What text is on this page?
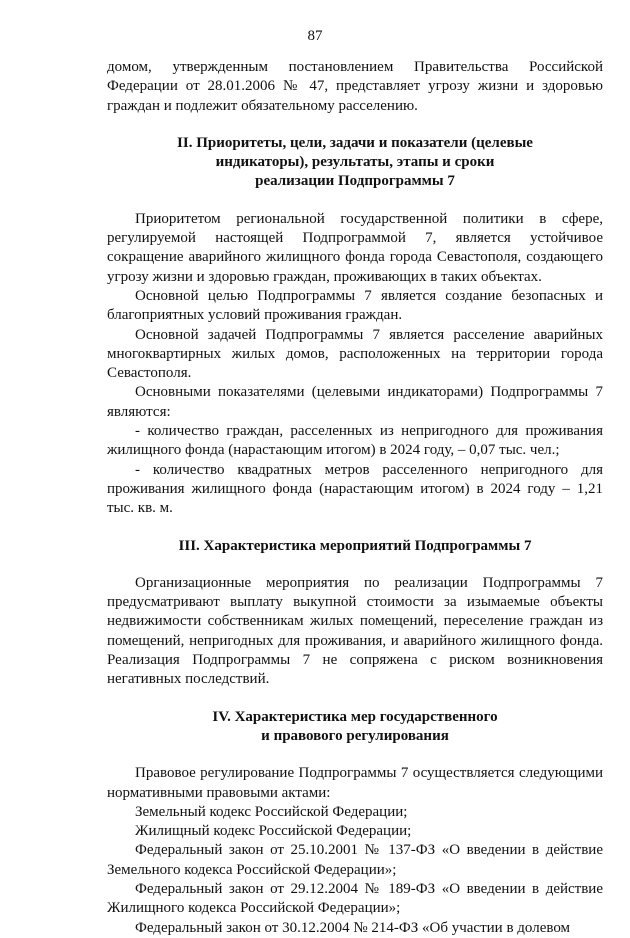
87

домом, утвержденным постановлением Правительства Российской Федерации от 28.01.2006 № 47, представляет угрозу жизни и здоровью граждан и подлежит обязательному расселению.

II. Приоритеты, цели, задачи и показатели (целевые
индикаторы), результаты, этапы и сроки
реализации Подпрограммы 7

Приоритетом региональной государственной политики в сфере, регулируемой настоящей Подпрограммой 7, является устойчивое сокращение аварийного жилищного фонда города Севастополя, создающего угрозу жизни и здоровью граждан, проживающих в таких объектах.

Основной целью Подпрограммы 7 является создание безопасных и благоприятных условий проживания граждан.

Основной задачей Подпрограммы 7 является расселение аварийных многоквартирных жилых домов, расположенных на территории города Севастополя.

Основными показателями (целевыми индикаторами) Подпрограммы 7 являются:

- количество граждан, расселенных из непригодного для проживания жилищного фонда (нарастающим итогом) в 2024 году, – 0,07 тыс. чел.;

- количество квадратных метров расселенного непригодного для проживания жилищного фонда (нарастающим итогом) в 2024 году – 1,21 тыс. кв. м.

III. Характеристика мероприятий Подпрограммы 7

Организационные мероприятия по реализации Подпрограммы 7 предусматривают выплату выкупной стоимости за изымаемые объекты недвижимости собственникам жилых помещений, переселение граждан из помещений, непригодных для проживания, и аварийного жилищного фонда. Реализация Подпрограммы 7 не сопряжена с риском возникновения негативных последствий.

IV. Характеристика мер государственного
и правового регулирования

Правовое регулирование Подпрограммы 7 осуществляется следующими нормативными правовыми актами:

Земельный кодекс Российской Федерации;

Жилищный кодекс Российской Федерации;

Федеральный закон от 25.10.2001 № 137-ФЗ «О введении в действие Земельного кодекса Российской Федерации»;

Федеральный закон от 29.12.2004 № 189-ФЗ «О введении в действие Жилищного кодекса Российской Федерации»;

Федеральный закон от 30.12.2004 № 214-ФЗ «Об участии в долевом
